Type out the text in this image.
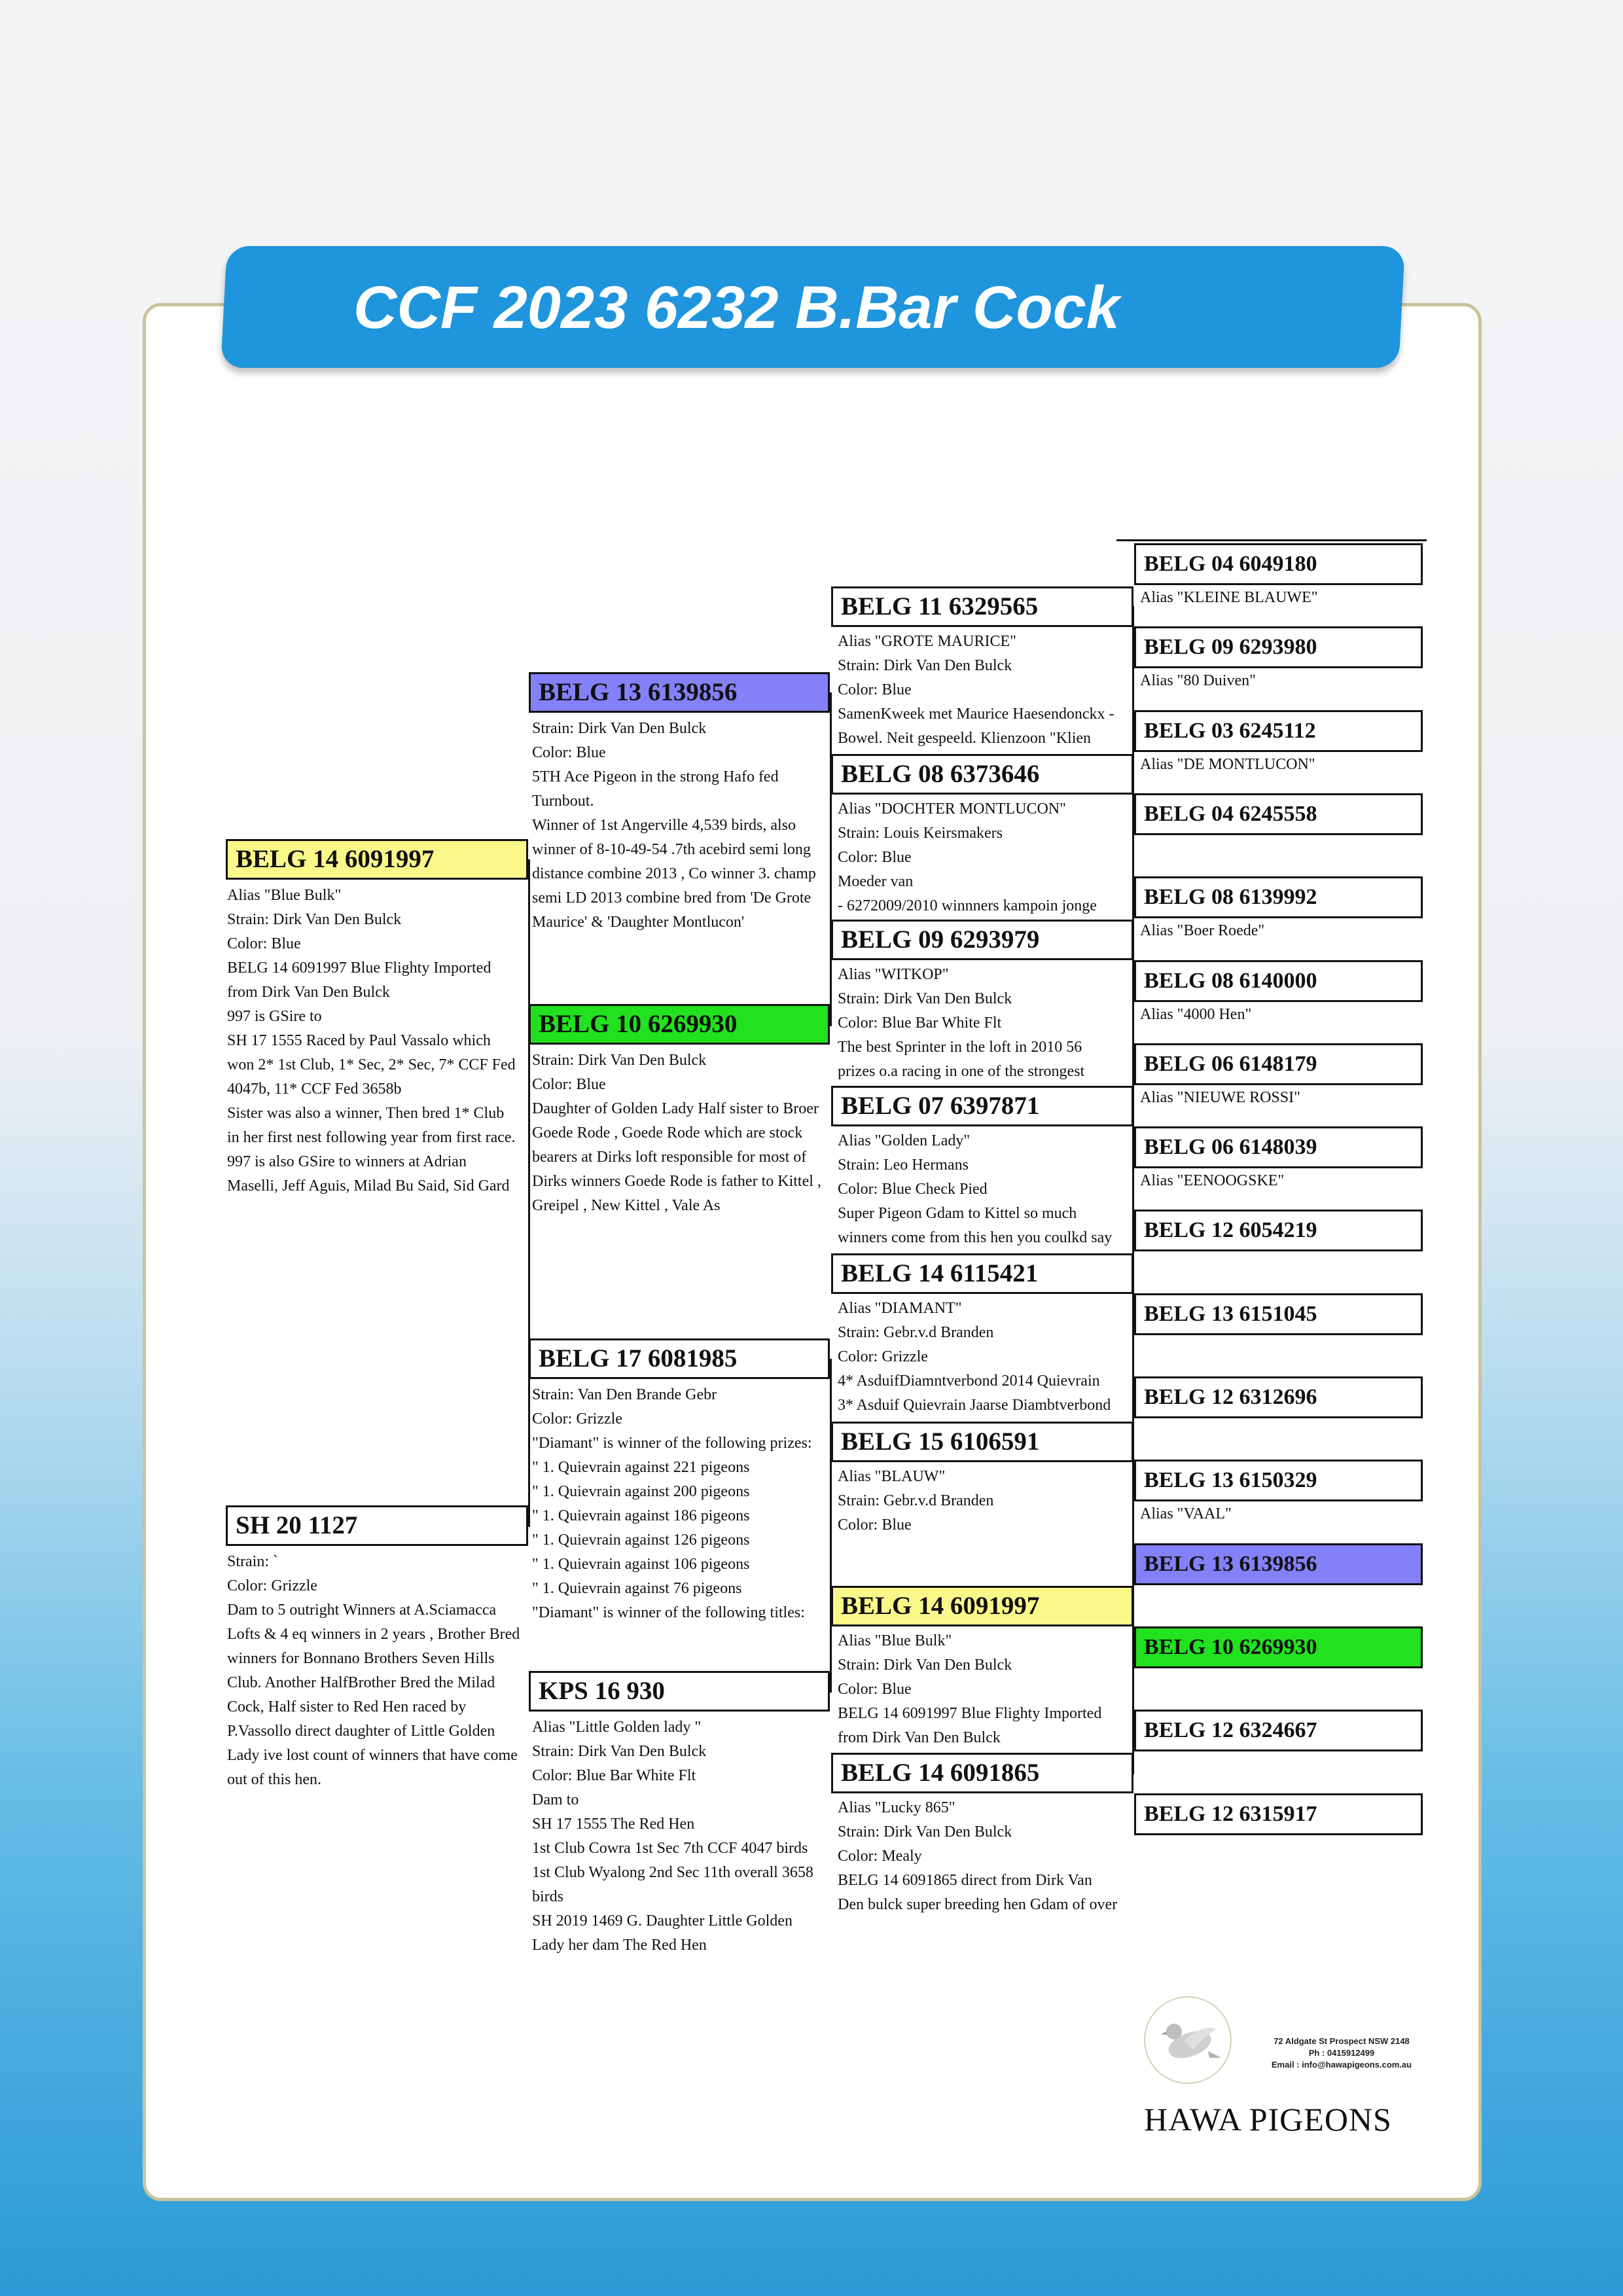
CCF 2023 6232 B.Bar Cock
BELG 14 6091997
Alias "Blue Bulk"
Strain: Dirk Van Den Bulck
Color: Blue
BELG 14 6091997 Blue Flighty Imported
from Dirk Van Den Bulck
997 is GSire to
SH 17 1555 Raced by Paul Vassalo which
won 2* 1st Club, 1* Sec, 2* Sec, 7* CCF Fed
4047b, 11* CCF Fed 3658b
Sister was also a winner, Then bred 1* Club
in her first nest following year from first race.
997 is also GSire to winners at Adrian
Maselli, Jeff Aguis, Milad Bu Said, Sid Gard
SH 20 1127
Strain: `
Color: Grizzle
Dam to 5 outright Winners at A.Sciamacca
Lofts & 4 eq winners in 2 years , Brother Bred
winners for Bonnano Brothers Seven Hills
Club. Another HalfBrother Bred the Milad
Cock, Half sister to Red Hen raced by
P.Vassollo direct daughter of Little Golden
Lady ive lost count of winners that have come
out of this hen.
BELG 13 6139856
Strain: Dirk Van Den Bulck
Color: Blue
5TH Ace Pigeon in the strong Hafo fed
Turnbout.
Winner of 1st Angerville 4,539 birds, also
winner of 8-10-49-54 .7th acebird semi long
distance combine 2013 , Co winner 3. champ
semi LD 2013 combine bred from 'De Grote
Maurice' & 'Daughter Montlucon'
BELG 10 6269930
Strain: Dirk Van Den Bulck
Color: Blue
Daughter of Golden Lady Half sister to Broer
Goede Rode , Goede Rode which are stock
bearers at Dirks loft responsible for most of
Dirks winners Goede Rode is father to Kittel ,
Greipel , New Kittel , Vale As
BELG 17 6081985
Strain: Van Den Brande Gebr
Color: Grizzle
"Diamant" is winner of the following prizes:
" 1. Quievrain against 221 pigeons
" 1. Quievrain against 200 pigeons
" 1. Quievrain against 186 pigeons
" 1. Quievrain against 126 pigeons
" 1. Quievrain against 106 pigeons
" 1. Quievrain against 76 pigeons
"Diamant" is winner of the following titles:
KPS 16 930
Alias "Little Golden lady "
Strain: Dirk Van Den Bulck
Color: Blue Bar White Flt
Dam to
SH 17 1555 The Red Hen
1st Club Cowra 1st Sec 7th CCF 4047 birds
1st Club Wyalong 2nd Sec 11th overall 3658
birds
SH 2019 1469 G. Daughter Little Golden
Lady her dam The Red Hen
BELG 11 6329565
Alias "GROTE MAURICE"
Strain: Dirk Van Den Bulck
Color: Blue
SamenKweek met Maurice Haesendonckx -
Bowel. Neit gespeeld. Klienzoon "Klien
BELG 08 6373646
Alias "DOCHTER MONTLUCON"
Strain: Louis Keirsmakers
Color: Blue
Moeder van
- 6272009/2010 winnners kampoin jonge
BELG 09 6293979
Alias "WITKOP"
Strain: Dirk Van Den Bulck
Color: Blue Bar White Flt
The best Sprinter in the loft in 2010 56
prizes o.a racing in one of the strongest
BELG 07 6397871
Alias "Golden Lady"
Strain: Leo Hermans
Color: Blue Check Pied
Super Pigeon Gdam to Kittel so much
winners come from this hen you coulkd say
BELG 14 6115421
Alias "DIAMANT"
Strain: Gebr.v.d Branden
Color: Grizzle
4* AsduifDiamntverbond 2014 Quievrain
3* Asduif Quievrain Jaarse Diambtverbond
BELG 15 6106591
Alias "BLAUW"
Strain: Gebr.v.d Branden
Color: Blue
BELG 14 6091997
Alias "Blue Bulk"
Strain: Dirk Van Den Bulck
Color: Blue
BELG 14 6091997 Blue Flighty Imported
from Dirk Van Den Bulck
BELG 14 6091865
Alias "Lucky 865"
Strain: Dirk Van Den Bulck
Color: Mealy
BELG 14 6091865 direct from Dirk Van
Den bulck super breeding hen Gdam of over
BELG 04 6049180
Alias "KLEINE BLAUWE"
BELG 09 6293980
Alias "80 Duiven"
BELG 03 6245112
Alias "DE MONTLUCON"
BELG 04 6245558
BELG 08 6139992
Alias "Boer Roede"
BELG 08 6140000
Alias "4000 Hen"
BELG 06 6148179
Alias "NIEUWE ROSSI"
BELG 06 6148039
Alias "EENOOGSKE"
BELG 12 6054219
BELG 13 6151045
BELG 12 6312696
BELG 13 6150329
Alias "VAAL"
BELG 13 6139856
BELG 10 6269930
BELG 12 6324667
BELG 12 6315917
72 Aldgate St Prospect NSW 2148
Ph : 0415912499
Email : info@hawapigeons.com.au
HAWA PIGEONS
